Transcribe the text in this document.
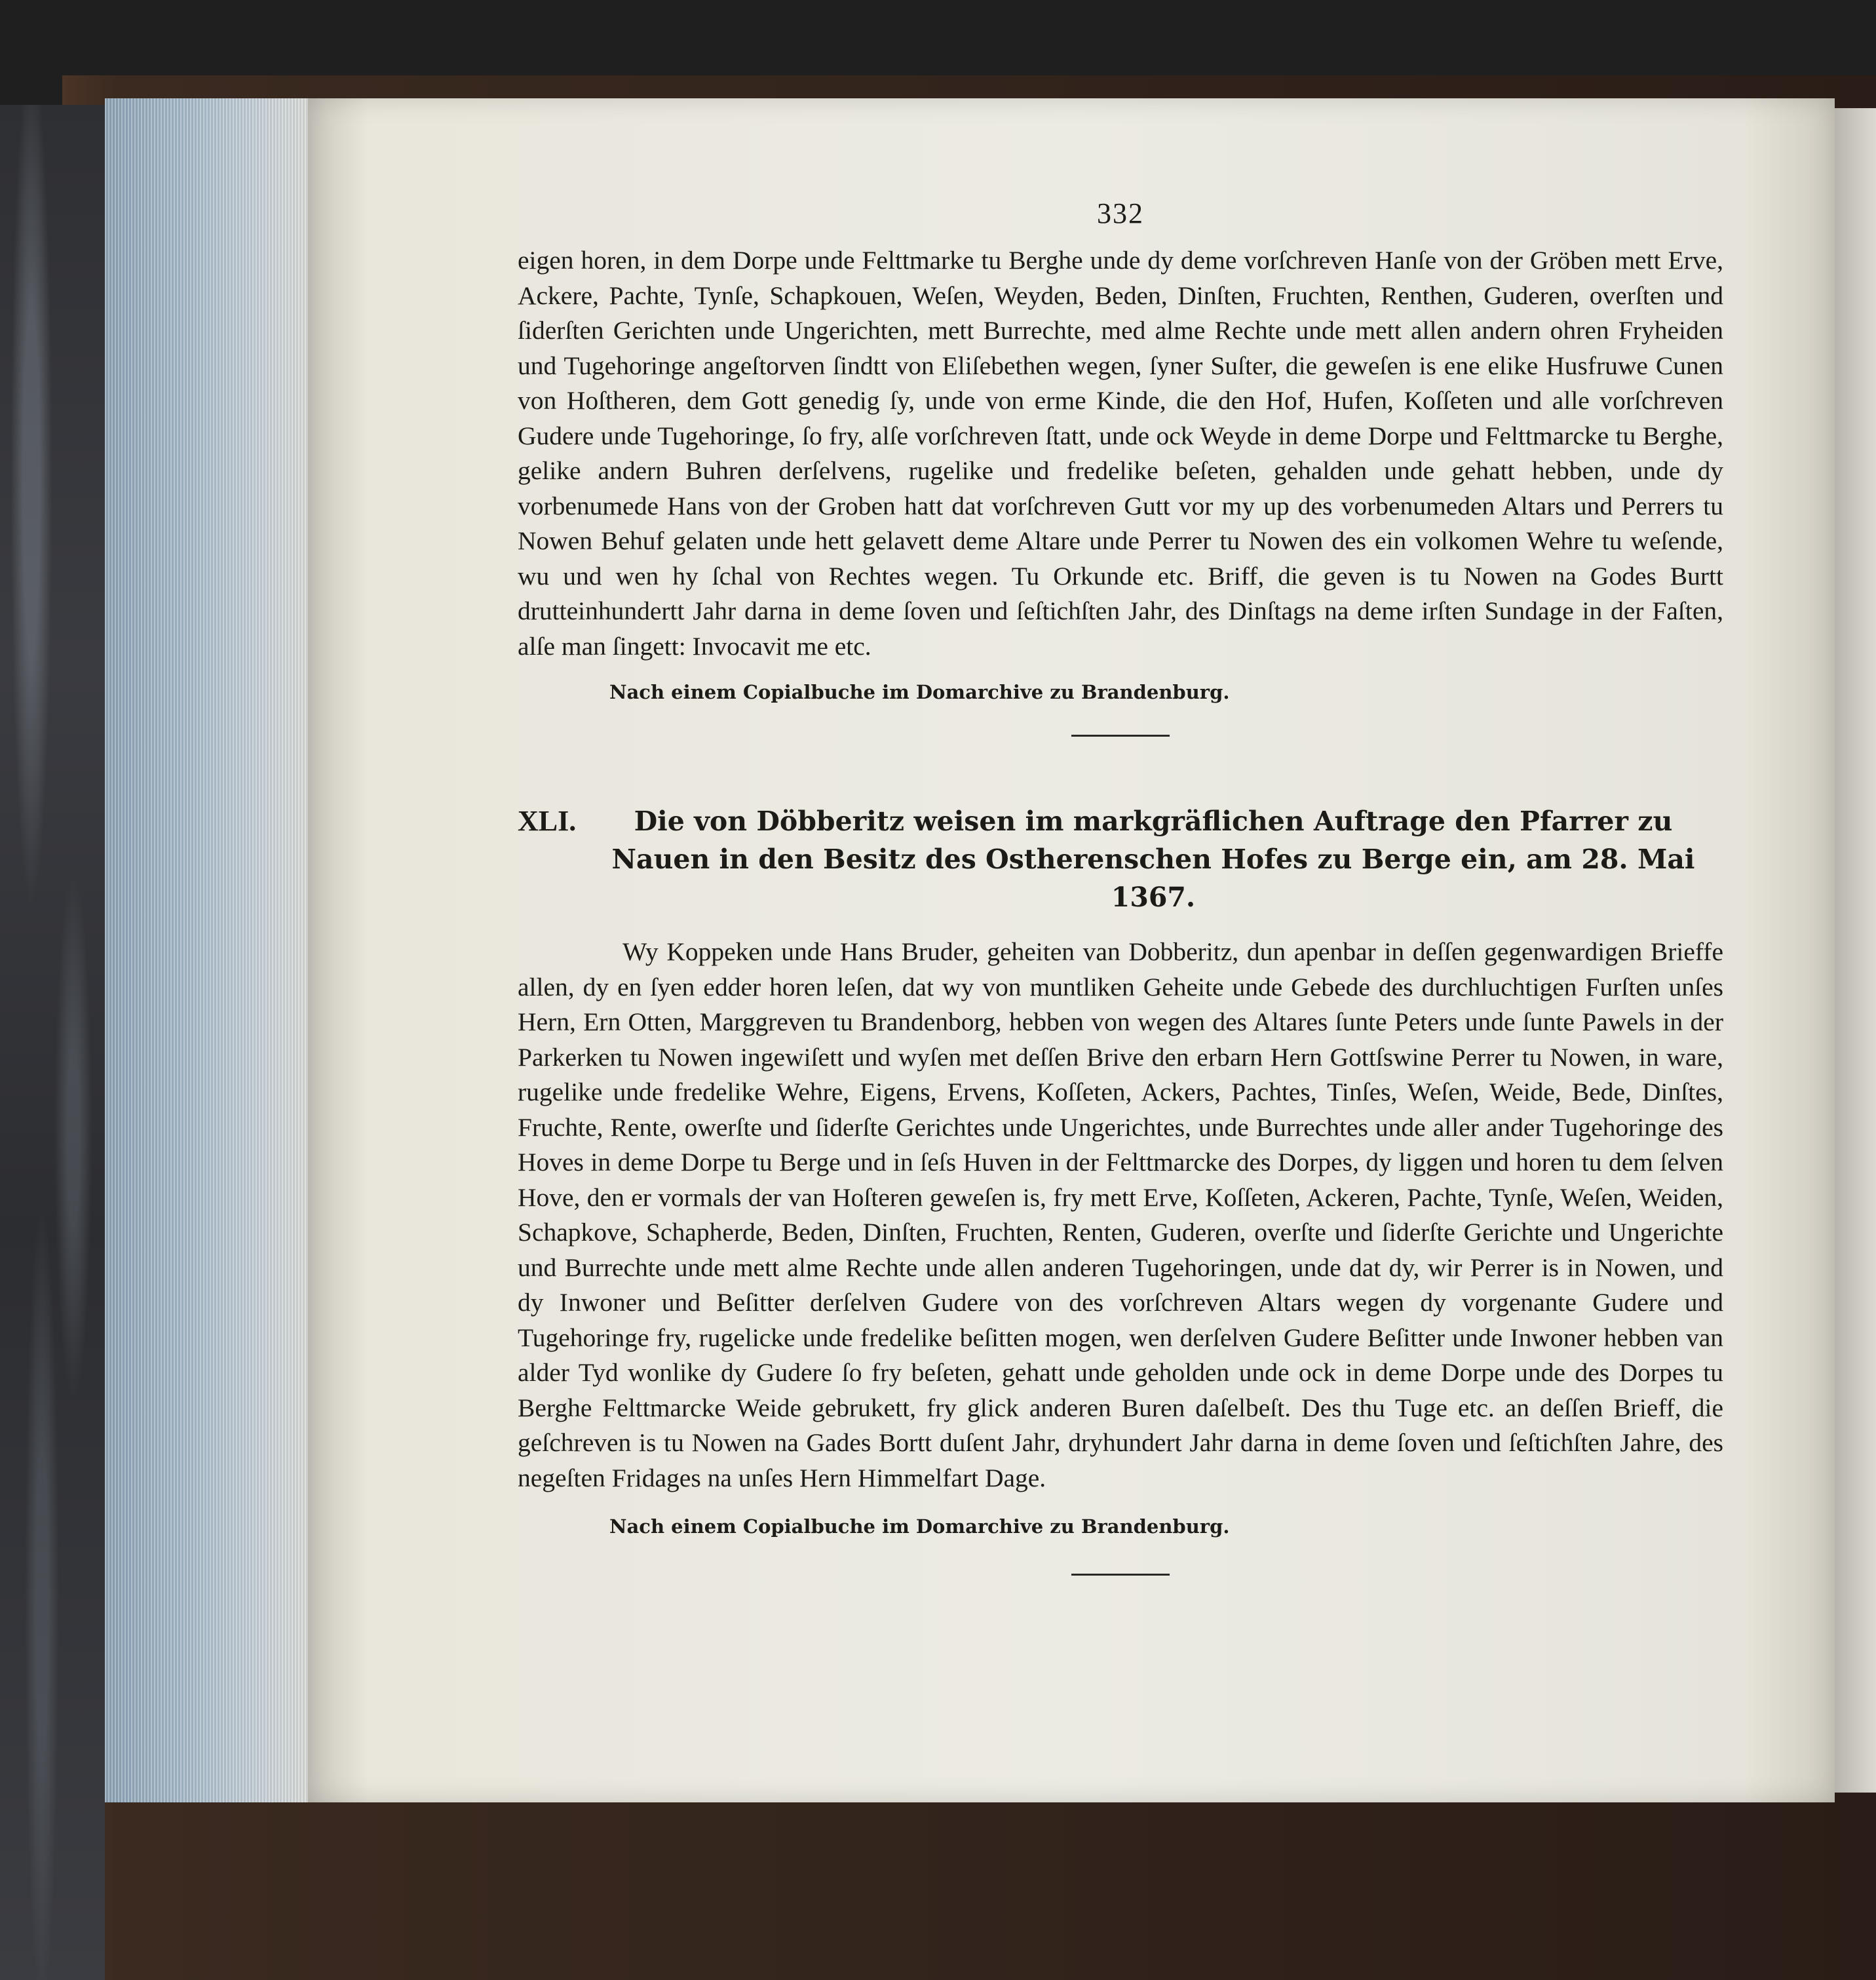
332

eigen horen, in dem Dorpe unde Felttmarke tu Berghe unde dy deme vorſchreven Hanſe von der Gröben mett Erve, Ackere, Pachte, Tynſe, Schapkouen, Weſen, Weyden, Beden, Dinſten, Fruchten, Renthen, Guderen, overſten und ſiderſten Gerichten unde Ungerichten, mett Burrechte, med alme Rechte unde mett allen andern ohren Fryheiden und Tugehoringe angeſtorven ſindtt von Eliſebethen wegen, ſyner Suſter, die geweſen is ene elike Husfruwe Cunen von Hoſtheren, dem Gott genedig ſy, unde von erme Kinde, die den Hof, Hufen, Koſſeten und alle vorſchreven Gudere unde Tugehoringe, ſo fry, alſe vorſchreven ſtatt, unde ock Weyde in deme Dorpe und Felttmarcke tu Berghe, gelike andern Buhren derſelvens, rugelike und fredelike beſeten, gehalden unde gehatt hebben, unde dy vorbenumede Hans von der Groben hatt dat vorſchreven Gutt vor my up des vorbenumeden Altars und Perrers tu Nowen Behuf gelaten unde hett gelavett deme Altare unde Perrer tu Nowen des ein volkomen Wehre tu weſende, wu und wen hy ſchal von Rechtes wegen. Tu Orkunde etc. Briff, die geven is tu Nowen na Godes Burtt drutteinhundertt Jahr darna in deme ſoven und ſeſtichſten Jahr, des Dinſtags na deme irſten Sundage in der Faſten, alſe man ſingett: Invocavit me etc.

Nach einem Copialbuche im Domarchive zu Brandenburg.
XLI.	Die von Döbberitz weisen im markgräflichen Auftrage den Pfarrer zu Nauen in den Besitz des Ostherenschen Hofes zu Berge ein, am 28. Mai 1367.

Wy Koppeken unde Hans Bruder, geheiten van Dobberitz, dun apenbar in deſſen gegenwardigen Brieffe allen, dy en ſyen edder horen leſen, dat wy von muntliken Geheite unde Gebede des durchluchtigen Furſten unſes Hern, Ern Otten, Marggreven tu Brandenborg, hebben von wegen des Altares ſunte Peters unde ſunte Pawels in der Parkerken tu Nowen ingewiſett und wyſen met deſſen Brive den erbarn Hern Gottſswine Perrer tu Nowen, in ware, rugelike unde fredelike Wehre, Eigens, Ervens, Koſſeten, Ackers, Pachtes, Tinſes, Weſen, Weide, Bede, Dinſtes, Fruchte, Rente, owerſte und ſiderſte Gerichtes unde Ungerichtes, unde Burrechtes unde aller ander Tugehoringe des Hoves in deme Dorpe tu Berge und in ſeſs Huven in der Felttmarcke des Dorpes, dy liggen und horen tu dem ſelven Hove, den er vormals der van Hoſteren geweſen is, fry mett Erve, Koſſeten, Ackeren, Pachte, Tynſe, Weſen, Weiden, Schapkove, Schapherde, Beden, Dinſten, Fruchten, Renten, Guderen, overſte und ſiderſte Gerichte und Ungerichte und Burrechte unde mett alme Rechte unde allen anderen Tugehoringen, unde dat dy, wir Perrer is in Nowen, und dy Inwoner und Beſitter derſelven Gudere von des vorſchreven Altars wegen dy vorgenante Gudere und Tugehoringe fry, rugelicke unde fredelike beſitten mogen, wen derſelven Gudere Beſitter unde Inwoner hebben van alder Tyd wonlike dy Gudere ſo fry beſeten, gehatt unde geholden unde ock in deme Dorpe unde des Dorpes tu Berghe Felttmarcke Weide gebrukett, fry glick anderen Buren daſelbeſt. Des thu Tuge etc. an deſſen Brieff, die geſchreven is tu Nowen na Gades Bortt duſent Jahr, dryhundert Jahr darna in deme ſoven und ſeſtichſten Jahre, des negeſten Fridages na unſes Hern Himmelfart Dage.

Nach einem Copialbuche im Domarchive zu Brandenburg.
